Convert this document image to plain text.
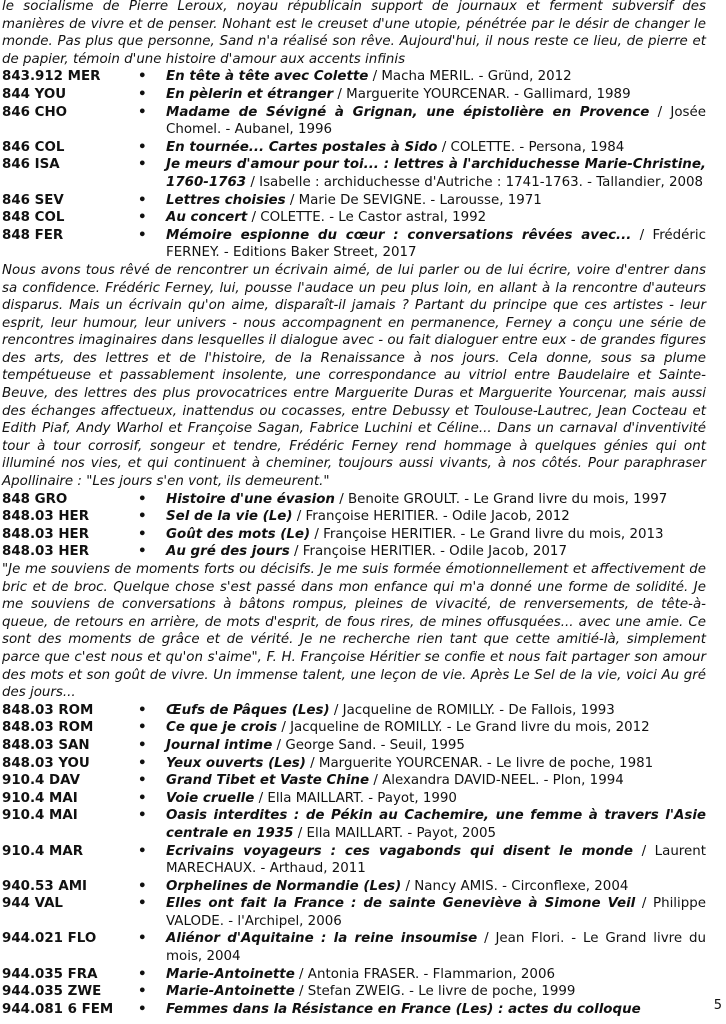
le socialisme de Pierre Leroux, noyau républicain support de journaux et ferment subversif des manières de vivre et de penser. Nohant est le creuset d'une utopie, pénétrée par le désir de changer le monde. Pas plus que personne, Sand n'a réalisé son rêve. Aujourd'hui, il nous reste ce lieu, de pierre et de papier, témoin d'une histoire d'amour aux accents infinis

843.912 MER	•	En tête à tête avec Colette / Macha MERIL. - Gründ, 2012
844 YOU	•	En pèlerin et étranger / Marguerite YOURCENAR. - Gallimard, 1989
846 CHO	•	Madame de Sévigné à Grignan, une épistolière en Provence / Josée Chomel. - Aubanel, 1996
846 COL	•	En tournée... Cartes postales à Sido / COLETTE. - Persona, 1984
846 ISA	•	Je meurs d'amour pour toi... : lettres à l'archiduchesse Marie-Christine, 1760-1763 / Isabelle : archiduchesse d'Autriche : 1741-1763. - Tallandier, 2008
846 SEV	•	Lettres choisies / Marie De SEVIGNE. - Larousse, 1971
848 COL	•	Au concert / COLETTE. - Le Castor astral, 1992
848 FER	•	Mémoire espionne du cœur : conversations rêvées avec... / Frédéric FERNEY. - Editions Baker Street, 2017

Nous avons tous rêvé de rencontrer un écrivain aimé, de lui parler ou de lui écrire, voire d'entrer dans sa confidence. Frédéric Ferney, lui, pousse l'audace un peu plus loin, en allant à la rencontre d'auteurs disparus. Mais un écrivain qu'on aime, disparaît-il jamais ? Partant du principe que ces artistes - leur esprit, leur humour, leur univers - nous accompagnent en permanence, Ferney a conçu une série de rencontres imaginaires dans lesquelles il dialogue avec - ou fait dialoguer entre eux - de grandes figures des arts, des lettres et de l'histoire, de la Renaissance à nos jours. Cela donne, sous sa plume tempétueuse et passablement insolente, une correspondance au vitriol entre Baudelaire et Sainte-Beuve, des lettres des plus provocatrices entre Marguerite Duras et Marguerite Yourcenar, mais aussi des échanges affectueux, inattendus ou cocasses, entre Debussy et Toulouse-Lautrec, Jean Cocteau et Edith Piaf, Andy Warhol et Françoise Sagan, Fabrice Luchini et Céline... Dans un carnaval d'inventivité tour à tour corrosif, songeur et tendre, Frédéric Ferney rend hommage à quelques génies qui ont illuminé nos vies, et qui continuent à cheminer, toujours aussi vivants, à nos côtés. Pour paraphraser Apollinaire : "Les jours s'en vont, ils demeurent."

848 GRO	•	Histoire d'une évasion / Benoite GROULT. - Le Grand livre du mois, 1997
848.03 HER	•	Sel de la vie (Le) / Françoise HERITIER. - Odile Jacob, 2012
848.03 HER	•	Goût des mots (Le) / Françoise HERITIER. - Le Grand livre du mois, 2013
848.03 HER	•	Au gré des jours / Françoise HERITIER. - Odile Jacob, 2017

"Je me souviens de moments forts ou décisifs. Je me suis formée émotionnellement et affectivement de bric et de broc. Quelque chose s'est passé dans mon enfance qui m'a donné une forme de solidité. Je me souviens de conversations à bâtons rompus, pleines de vivacité, de renversements, de tête-à-queue, de retours en arrière, de mots d'esprit, de fous rires, de mines offusquées... avec une amie. Ce sont des moments de grâce et de vérité. Je ne recherche rien tant que cette amitié-là, simplement parce que c'est nous et qu'on s'aime", F. H. Françoise Héritier se confie et nous fait partager son amour des mots et son goût de vivre. Un immense talent, une leçon de vie. Après Le Sel de la vie, voici Au gré des jours...

848.03 ROM	•	Œufs de Pâques (Les) / Jacqueline de ROMILLY. - De Fallois, 1993
848.03 ROM	•	Ce que je crois / Jacqueline de ROMILLY. - Le Grand livre du mois, 2012
848.03 SAN	•	Journal intime / George Sand. - Seuil, 1995
848.03 YOU	•	Yeux ouverts (Les) / Marguerite YOURCENAR. - Le livre de poche, 1981
910.4 DAV	•	Grand Tibet et Vaste Chine / Alexandra DAVID-NEEL. - Plon, 1994
910.4 MAI	•	Voie cruelle / Ella MAILLART. - Payot, 1990
910.4 MAI	•	Oasis interdites : de Pékin au Cachemire, une femme à travers l'Asie centrale en 1935 / Ella MAILLART. - Payot, 2005
910.4 MAR	•	Ecrivains voyageurs : ces vagabonds qui disent le monde / Laurent MARECHAUX. - Arthaud, 2011
940.53 AMI	•	Orphelines de Normandie (Les) / Nancy AMIS. - Circonflexe, 2004
944 VAL	•	Elles ont fait la France : de sainte Geneviève à Simone Veil / Philippe VALODE. - l'Archipel, 2006
944.021 FLO	•	Aliénor d'Aquitaine : la reine insoumise / Jean Flori. - Le Grand livre du mois, 2004
944.035 FRA	•	Marie-Antoinette / Antonia FRASER. - Flammarion, 2006
944.035 ZWE	•	Marie-Antoinette / Stefan ZWEIG. - Le livre de poche, 1999
944.081 6 FEM	•	Femmes dans la Résistance en France (Les) : actes du colloque	5
